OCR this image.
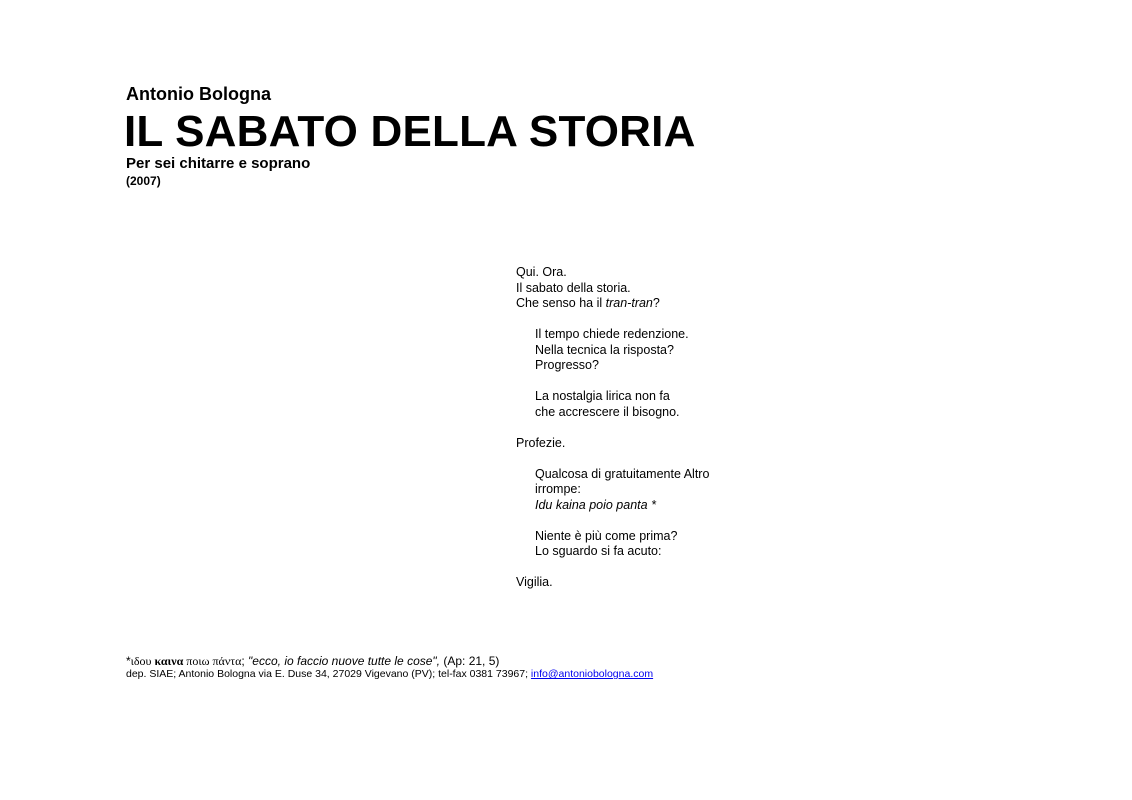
Antonio Bologna
IL SABATO DELLA STORIA
Per sei chitarre e soprano
(2007)
Qui. Ora.
Il sabato della storia.
Che senso ha il tran-tran?
Il tempo chiede redenzione.
Nella tecnica la risposta?
Progresso?
La nostalgia lirica non fa
che accrescere il bisogno.
Profezie.
Qualcosa di gratuitamente Altro
irrompe:
Idu kaina poio panta *
Niente è più come prima?
Lo sguardo si fa acuto:
Vigilia.
*ιδου καινα ποιω πάντα; "ecco, io faccio nuove tutte le cose", (Ap: 21, 5)
dep. SIAE; Antonio Bologna via E. Duse 34, 27029 Vigevano (PV); tel-fax 0381 73967; info@antoniobologna.com
